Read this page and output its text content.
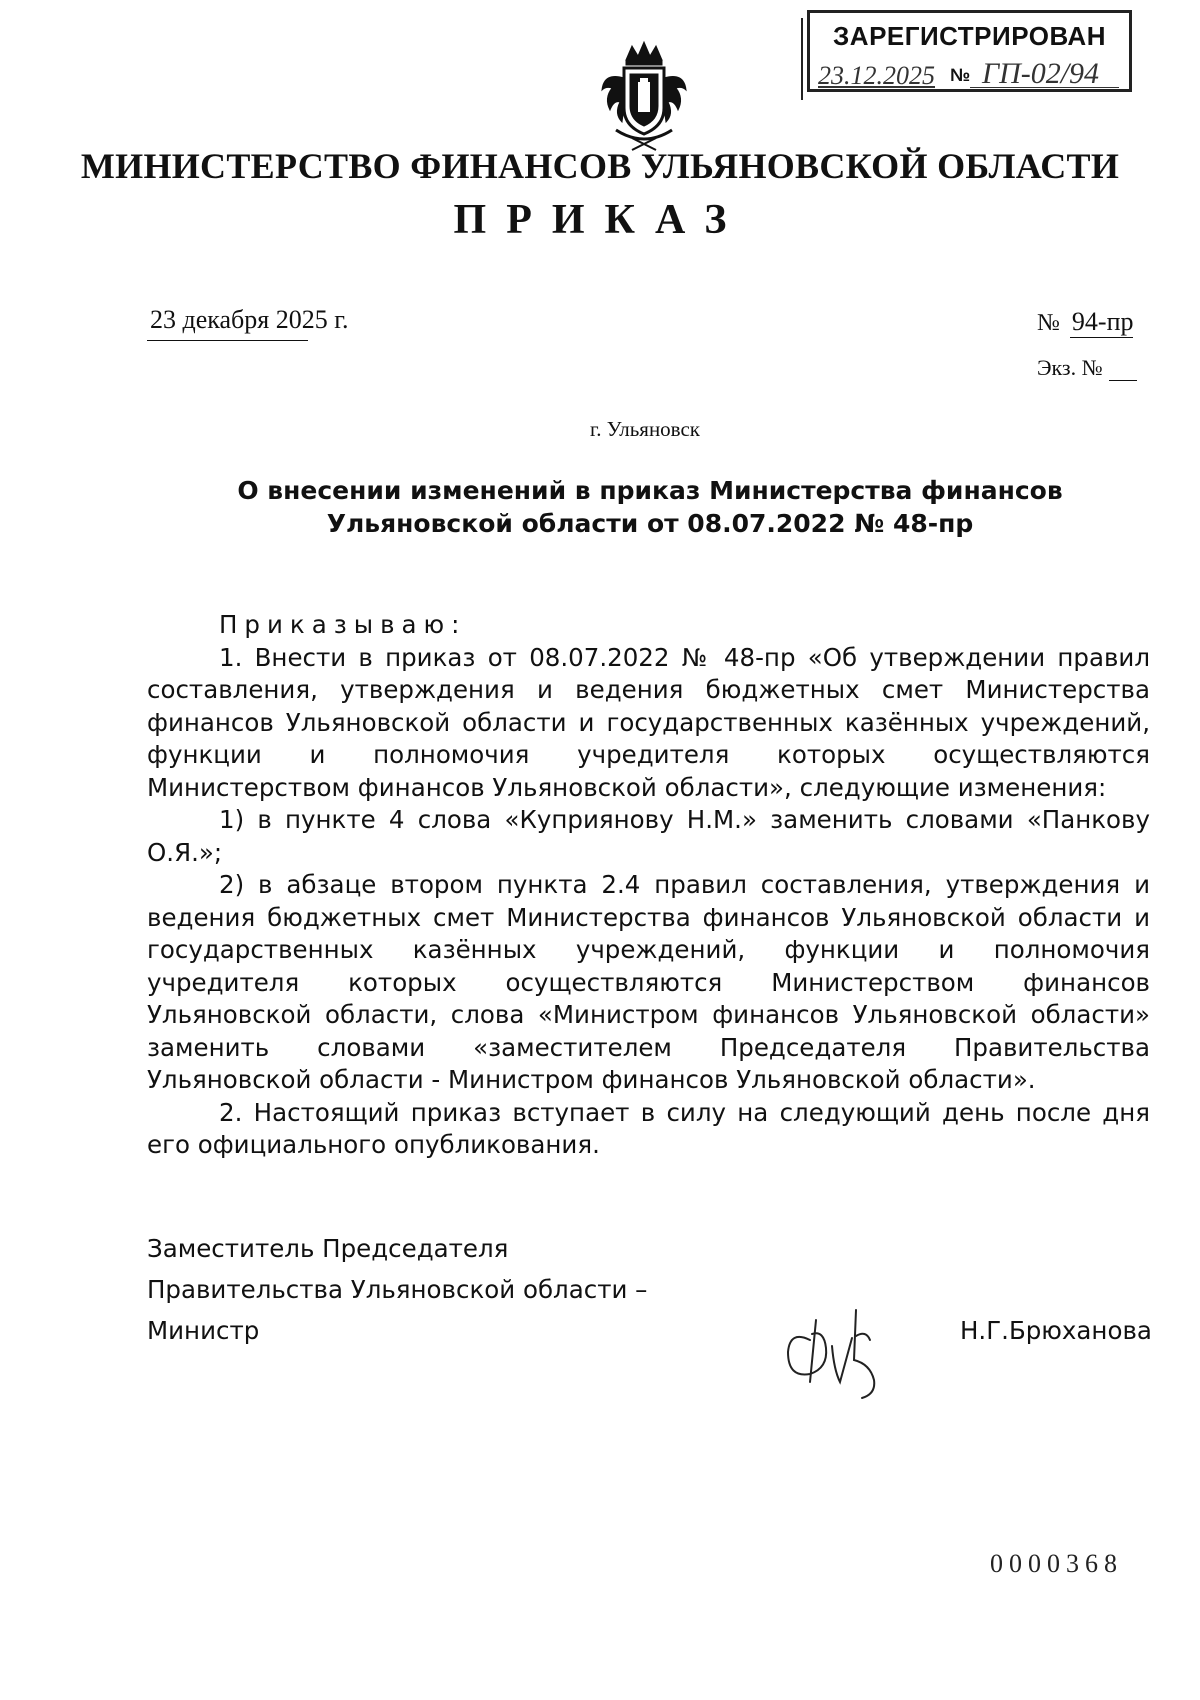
ЗАРЕГИСТРИРОВАН
23.12.2025 № ГП-02/94
МИНИСТЕРСТВО ФИНАНСОВ УЛЬЯНОВСКОЙ ОБЛАСТИ
ПРИКАЗ
23 декабря 2025 г.	№ 94-пр
Экз. №
г. Ульяновск
О внесении изменений в приказ Министерства финансов
Ульяновской области от 08.07.2022 № 48-пр

Приказываю:

1. Внести в приказ от 08.07.2022 № 48-пр «Об утверждении правил составления, утверждения и ведения бюджетных смет Министерства финансов Ульяновской области и государственных казённых учреждений, функции и полномочия учредителя которых осуществляются Министерством финансов Ульяновской области», следующие изменения:

1) в пункте 4 слова «Куприянову Н.М.» заменить словами «Панкову О.Я.»;

2) в абзаце втором пункта 2.4 правил составления, утверждения и ведения бюджетных смет Министерства финансов Ульяновской области и государственных казённых учреждений, функции и полномочия учредителя которых осуществляются Министерством финансов Ульяновской области, слова «Министром финансов Ульяновской области» заменить словами «заместителем Председателя Правительства Ульяновской области - Министром финансов Ульяновской области».

2. Настоящий приказ вступает в силу на следующий день после дня его официального опубликования.

Заместитель Председателя
Правительства Ульяновской области –
Министр	Н.Г.Брюханова
0000368
